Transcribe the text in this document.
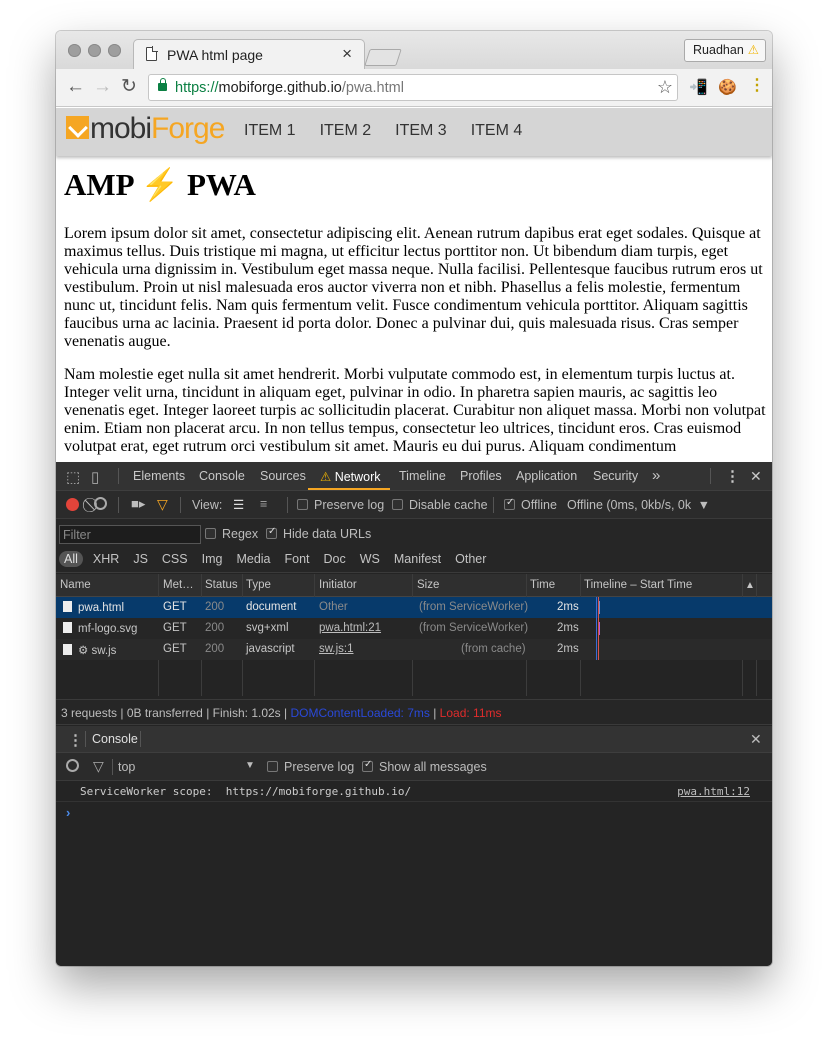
PWA html page	×	Ruadhan ⚠
← → ↻	https://mobiforge.github.io/pwa.html	☆ 📲 🍪 ⋮
mobiForge ITEM 1 ITEM 2 ITEM 3 ITEM 4
AMP ⚡ PWA

Lorem ipsum dolor sit amet, consectetur adipiscing elit. Aenean rutrum dapibus erat eget sodales. Quisque at maximus tellus. Duis tristique mi magna, ut efficitur lectus porttitor non. Ut bibendum diam turpis, eget vehicula urna dignissim in. Vestibulum eget massa neque. Nulla facilisi. Pellentesque faucibus rutrum eros ut vestibulum. Proin ut nisl malesuada eros auctor viverra non et nibh. Phasellus a felis molestie, fermentum nunc ut, tincidunt felis. Nam quis fermentum velit. Fusce condimentum vehicula porttitor. Aliquam sagittis faucibus urna ac lacinia. Praesent id porta dolor. Donec a pulvinar dui, quis malesuada risus. Cras semper venenatis augue.

Nam molestie eget nulla sit amet hendrerit. Morbi vulputate commodo est, in elementum turpis luctus at. Integer velit urna, tincidunt in aliquam eget, pulvinar in odio. In pharetra sapien mauris, ac sagittis leo venenatis eget. Integer laoreet turpis ac sollicitudin placerat. Curabitur non aliquet massa. Morbi non volutpat enim. Etiam non placerat arcu. In non tellus tempus, consectetur leo ultrices, tincidunt eros. Cras euismod volutpat erat, eget rutrum orci vestibulum sit amet. Mauris eu dui purus. Aliquam condimentum

⬚ ▯	Elements Console Sources ⚠ Network Timeline Profiles Application Security »	⋮ ✕
■▸ ▽ View: ☰ ≡	Preserve log	Disable cache ✓	Offline Offline (0ms, 0kb/s, 0k ▼
Filter	Regex ✓	Hide data URLs
All	XHR JS CSS Img Media Font Doc WS Manifest Other
Name	Met… Status Type	Initiator	Size	Time	Timeline – Start Time	▲
pwa.html	GET 200 document Other	(from ServiceWorker)	2ms
mf-logo.svg GET 200 svg+xml	pwa.html:21	(from ServiceWorker)	2ms
⚙ sw.js	GET 200 javascript sw.js:1	(from cache)	2ms
3 requests | 0B transferred | Finish: 1.02s | DOMContentLoaded: 7ms | Load: 11ms
⋮ Console	✕
▽ top	▼	Preserve log ✓	Show all messages
ServiceWorker scope:  https://mobiforge.github.io/	pwa.html:12
›
